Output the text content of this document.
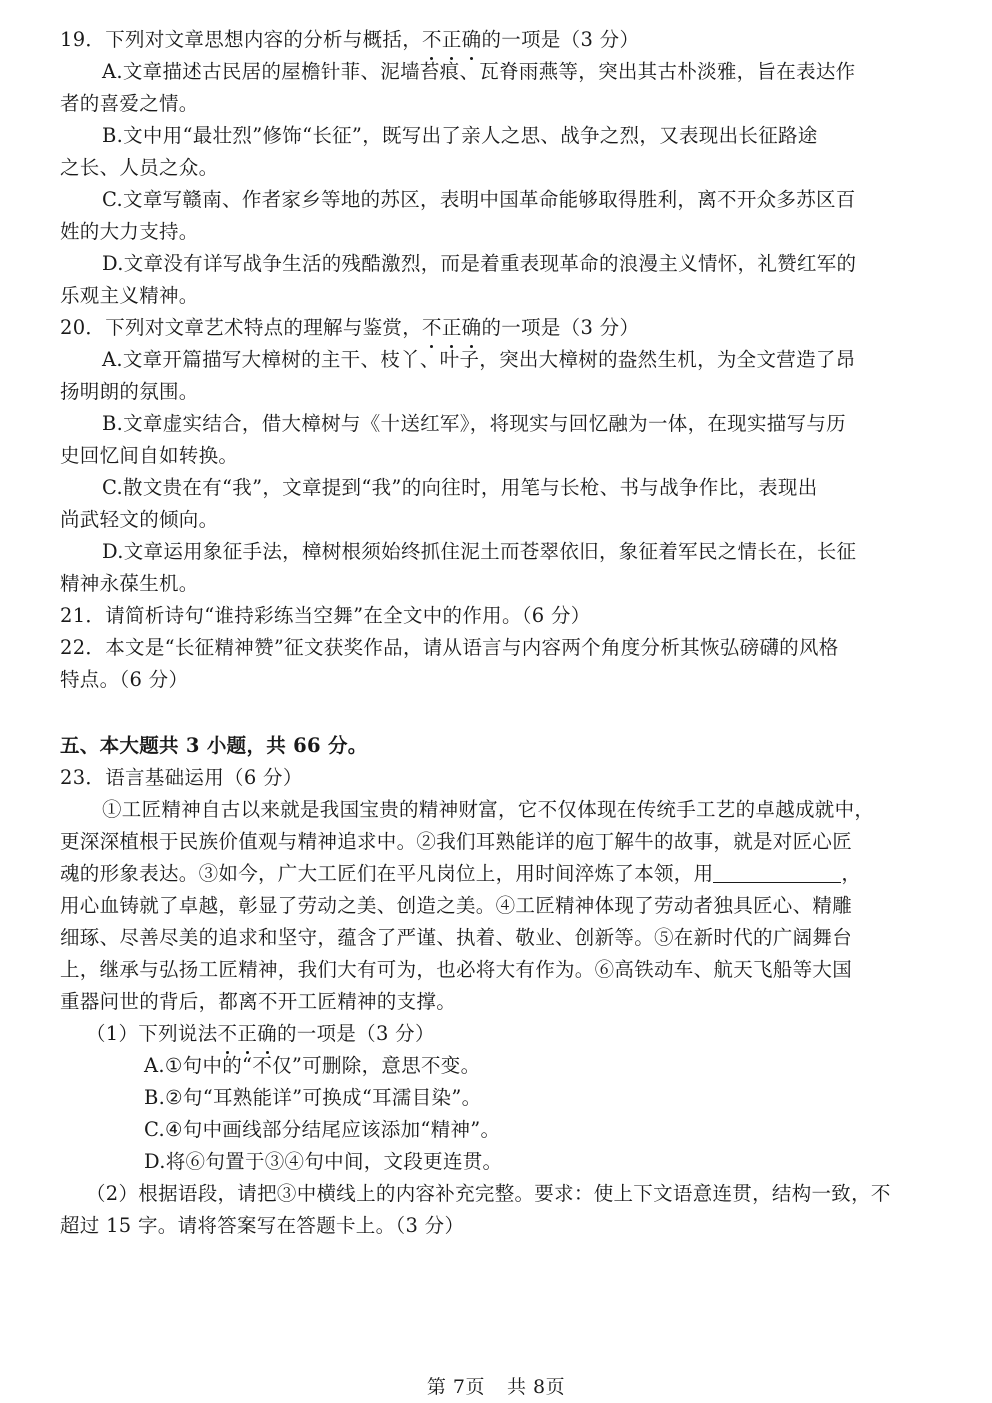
19．下列对文章思想内容的分析与概括，不正确的一项是（3 分）
A.文章描述古民居的屋檐针菲、泥墙苔痕、瓦脊雨燕等，突出其古朴淡雅，旨在表达作
者的喜爱之情。
B.文中用“最壮烈”修饰“长征”，既写出了亲人之思、战争之烈，又表现出长征路途
之长、人员之众。
C.文章写赣南、作者家乡等地的苏区，表明中国革命能够取得胜利，离不开众多苏区百
姓的大力支持。
D.文章没有详写战争生活的残酷激烈，而是着重表现革命的浪漫主义情怀，礼赞红军的
乐观主义精神。
20．下列对文章艺术特点的理解与鉴赏，不正确的一项是（3 分）
A.文章开篇描写大樟树的主干、枝丫、叶子，突出大樟树的盎然生机，为全文营造了昂
扬明朗的氛围。
B.文章虚实结合，借大樟树与《十送红军》，将现实与回忆融为一体，在现实描写与历
史回忆间自如转换。
C.散文贵在有“我”，文章提到“我”的向往时，用笔与长枪、书与战争作比，表现出
尚武轻文的倾向。
D.文章运用象征手法，樟树根须始终抓住泥土而苍翠依旧，象征着军民之情长在，长征
精神永葆生机。
21．请简析诗句“谁持彩练当空舞”在全文中的作用。（6 分）
22．本文是“长征精神赞”征文获奖作品，请从语言与内容两个角度分析其恢弘磅礴的风格
特点。（6 分）
五、本大题共 3 小题，共 66 分。
23．语言基础运用（6 分）
①工匠精神自古以来就是我国宝贵的精神财富，它不仅体现在传统手工艺的卓越成就中，
更深深植根于民族价值观与精神追求中。②我们耳熟能详的庖丁解牛的故事，就是对匠心匠
魂的形象表达。③如今，广大工匠们在平凡岗位上，用时间淬炼了本领，用	，
用心血铸就了卓越，彰显了劳动之美、创造之美。④工匠精神体现了劳动者独具匠心、精雕
细琢、尽善尽美的追求和坚守，蕴含了严谨、执着、敬业、创新等。⑤在新时代的广阔舞台
上，继承与弘扬工匠精神，我们大有可为，也必将大有作为。⑥高铁动车、航天飞船等大国
重器问世的背后，都离不开工匠精神的支撑。
（1）下列说法不正确的一项是（3 分）
A.①句中的“不仅”可删除，意思不变。
B.②句“耳熟能详”可换成“耳濡目染”。
C.④句中画线部分结尾应该添加“精神”。
D.将⑥句置于③④句中间，文段更连贯。
（2）根据语段，请把③中横线上的内容补充完整。要求：使上下文语意连贯，结构一致，不
超过 15 字。请将答案写在答题卡上。（3 分）
第 7页 共 8页
